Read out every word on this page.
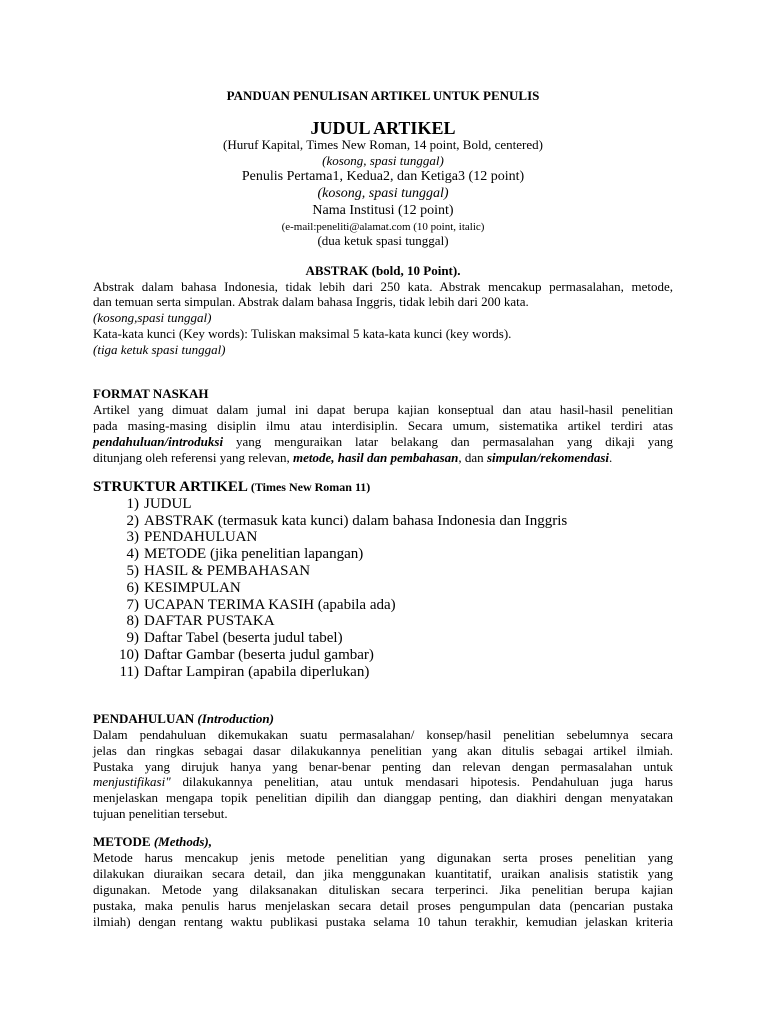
PANDUAN PENULISAN ARTIKEL UNTUK PENULIS
JUDUL ARTIKEL
(Huruf Kapital, Times New Roman, 14 point, Bold, centered)
(kosong, spasi tunggal)
Penulis Pertama1, Kedua2, dan Ketiga3 (12 point)
(kosong, spasi tunggal)
Nama Institusi (12 point)
(e-mail:peneliti@alamat.com (10 point, italic)
(dua ketuk spasi tunggal)
ABSTRAK (bold, 10 Point).
Abstrak dalam bahasa Indonesia, tidak lebih dari 250 kata. Abstrak mencakup permasalahan, metode,
dan temuan serta simpulan. Abstrak dalam bahasa Inggris, tidak lebih dari 200 kata.
(kosong,spasi tunggal)
Kata-kata kunci (Key words): Tuliskan maksimal 5 kata-kata kunci (key words).
(tiga ketuk spasi tunggal)
FORMAT NASKAH
Artikel yang dimuat dalam jumal ini dapat berupa kajian konseptual dan atau hasil-hasil penelitian
pada masing-masing disiplin ilmu atau interdisiplin. Secara umum, sistematika artikel terdiri atas
pendahuluan/introduksi yang menguraikan latar belakang dan permasalahan yang dikaji yang
ditunjang oleh referensi yang relevan, metode, hasil dan pembahasan, dan simpulan/rekomendasi.
STRUKTUR ARTIKEL (Times New Roman 11)
1) JUDUL
2) ABSTRAK (termasuk kata kunci) dalam bahasa Indonesia dan Inggris
3) PENDAHULUAN
4) METODE (jika penelitian lapangan)
5) HASIL & PEMBAHASAN
6) KESIMPULAN
7) UCAPAN TERIMA KASIH (apabila ada)
8) DAFTAR PUSTAKA
9) Daftar Tabel (beserta judul tabel)
10) Daftar Gambar (beserta judul gambar)
11) Daftar Lampiran (apabila diperlukan)
PENDAHULUAN (Introduction)
Dalam pendahuluan dikemukakan suatu permasalahan/ konsep/hasil penelitian sebelumnya secara
jelas dan ringkas sebagai dasar dilakukannya penelitian yang akan ditulis sebagai artikel ilmiah.
Pustaka yang dirujuk hanya yang benar-benar penting dan relevan dengan permasalahan untuk
menjustifikasi" dilakukannya penelitian, atau untuk mendasari hipotesis. Pendahuluan juga harus
menjelaskan mengapa topik penelitian dipilih dan dianggap penting, dan diakhiri dengan menyatakan
tujuan penelitian tersebut.
METODE (Methods),
Metode harus mencakup jenis metode penelitian yang digunakan serta proses penelitian yang
dilakukan diuraikan secara detail, dan jika menggunakan kuantitatif, uraikan analisis statistik yang
digunakan. Metode yang dilaksanakan dituliskan secara terperinci. Jika penelitian berupa kajian
pustaka, maka penulis harus menjelaskan secara detail proses pengumpulan data (pencarian pustaka
ilmiah) dengan rentang waktu publikasi pustaka selama 10 tahun terakhir, kemudian jelaskan kriteria
